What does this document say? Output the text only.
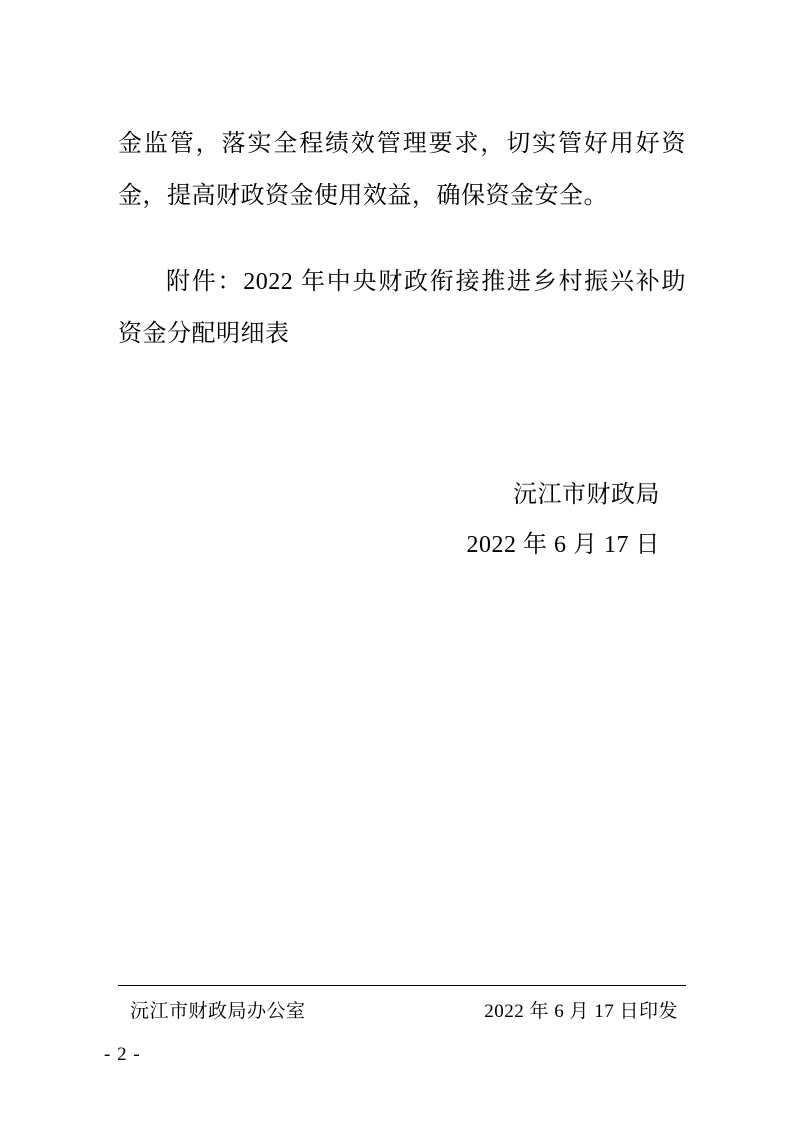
金监管，落实全程绩效管理要求，切实管好用好资金，提高财政资金使用效益，确保资金安全。

附件：2022 年中央财政衔接推进乡村振兴补助资金分配明细表

沅江市财政局
2022 年 6 月 17 日
沅江市财政局办公室	2022 年 6 月 17 日印发
- 2 -
